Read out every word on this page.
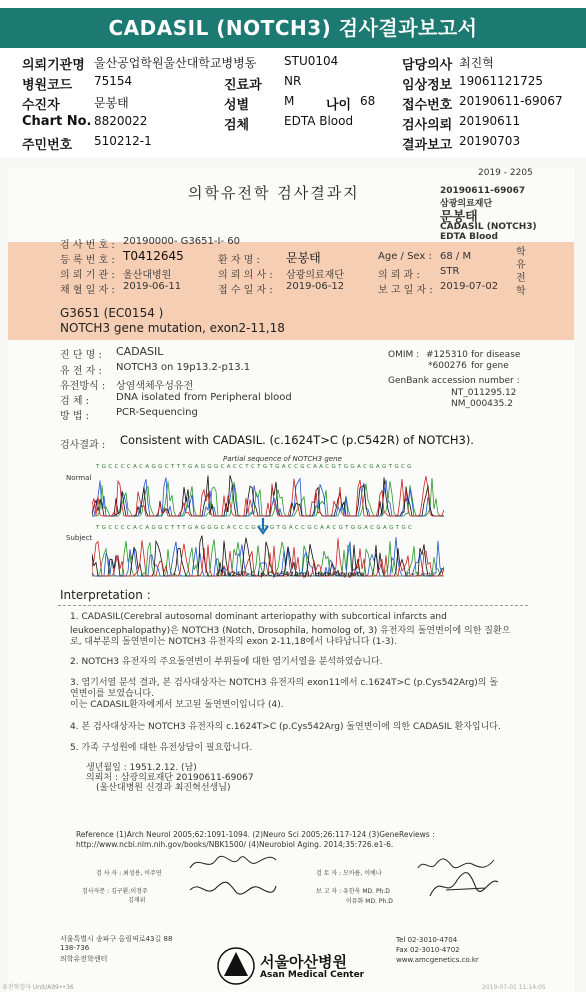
CADASIL (NOTCH3) 검사결과보고서
의뢰기관명 울산공업학원울산대학교병병동 STU0104	담당의사 최진혁
병원코드 75154	진료과 NR	임상정보 19061121725
수진자	문봉태	성별	M 나이 68 접수번호 20190611-69067
Chart No. 8820022	검체	EDTA Blood	검사의뢰 20190611
주민번호 510212-1	결과보고 20190703
2019 - 2205
의학유전학 검사결과지	20190611-69067
삼광의료재단
문봉태
CADASIL (NOTCH3)
EDTA Blood
검 사 번 호 : 20190000- G3651-I- 60
등 록 번 호 : T0412645	환 자 명 : 문봉태	Age / Sex : 68 / M	학 유 전 학
의 뢰 기 관 : 울산대병원	의 뢰 의 사 : 삼광의료재단	의 뢰 과 : STR
채 혈 일 자 : 2019-06-11	접 수 일 자 : 2019-06-12	보 고 일 자 : 2019-07-02
G3651 (EC0154 )
NOTCH3 gene mutation, exon2-11,18
진 단 명 : CADASIL
유 전 자 : NOTCH3 on 19p13.2-p13.1
유전방식 : 상염색체우성유전
검 체 :	DNA isolated from Peripheral blood
방 법 :	PCR-Sequencing
OMIM : #125310 for disease
*600276 for gene
GenBank accession number :
NT_011295.12
NM_000435.2
검사결과 : Consistent with CADASIL. (c.1624T>C (p.C542R) of NOTCH3).
Partial sequence of NOTCH3 gene
T G C C C C A C A G G C T T T G A G G G C A C C T C T G T G A C C G C A A C G T G G A C G A G T G C G
Normal
T G C C C C A C A G G C T T T G A G G G C A C C C G C T G T G A C C G C A A C G T G G A C G A G T G C
Subject
c.1624T>C (p.Cys542Arg), Heterozygote	Y = T and C
Interpretation :
1. CADASIL(Cerebral autosomal dominant arteriopathy with subcortical infarcts and
leukoencephalopathy)은 NOTCH3 (Notch, Drosophila, homolog of, 3) 유전자의 돌연변이에 의한 질환으
로, 대부분의 돌연변이는 NOTCH3 유전자의 exon 2-11,18에서 나타납니다 (1-3).
2. NOTCH3 유전자의 주요돌연변이 부위들에 대한 염기서열을 분석하였습니다.
3. 염기서열 분석 결과, 본 검사대상자는 NOTCH3 유전자의 exon11에서 c.1624T>C (p.Cys542Arg)의 돌
연변이를 보였습니다.
이는 CADASIL환자에게서 보고된 돌연변이입니다 (4).
4. 본 검사대상자는 NOTCH3 유전자의 c.1624T>C (p.Cys542Arg) 돌연변이에 의한 CADASIL 환자입니다.
5. 가족 구성원에 대한 유전상담이 필요합니다.
생년월일 : 1951.2.12. (남)
의뢰처 : 삼광의료재단 20190611-69067
(울산대병원 신경과 최진혁선생님)
Reference (1)Arch Neurol 2005;62:1091-1094. (2)Neuro Sci 2005;26:117-124 (3)GeneReviews :
http://www.ncbi.nlm.nih.gov/books/NBK1500/ (4)Neurobiol Aging. 2014;35:726.e1-6.
검 사 자 : 최성용, 이주연	검 토 자 : 모아름, 이예나
검사자문 : 김구환,이정주
김재위
보 고 자 : 유한욱 MD. Ph.D
이뮤화 MD. Ph.D
서울특별시 송파구 올림픽로43길 88
138-736
의학유전학센터	서울아산병원
Asan Medical Center
Tel 02-3010-4704
Fax 02-3010-4702
www.amcgenetics.co.kr
유전학검사 Unit/A99••36	2019-07-01 11:14:05
